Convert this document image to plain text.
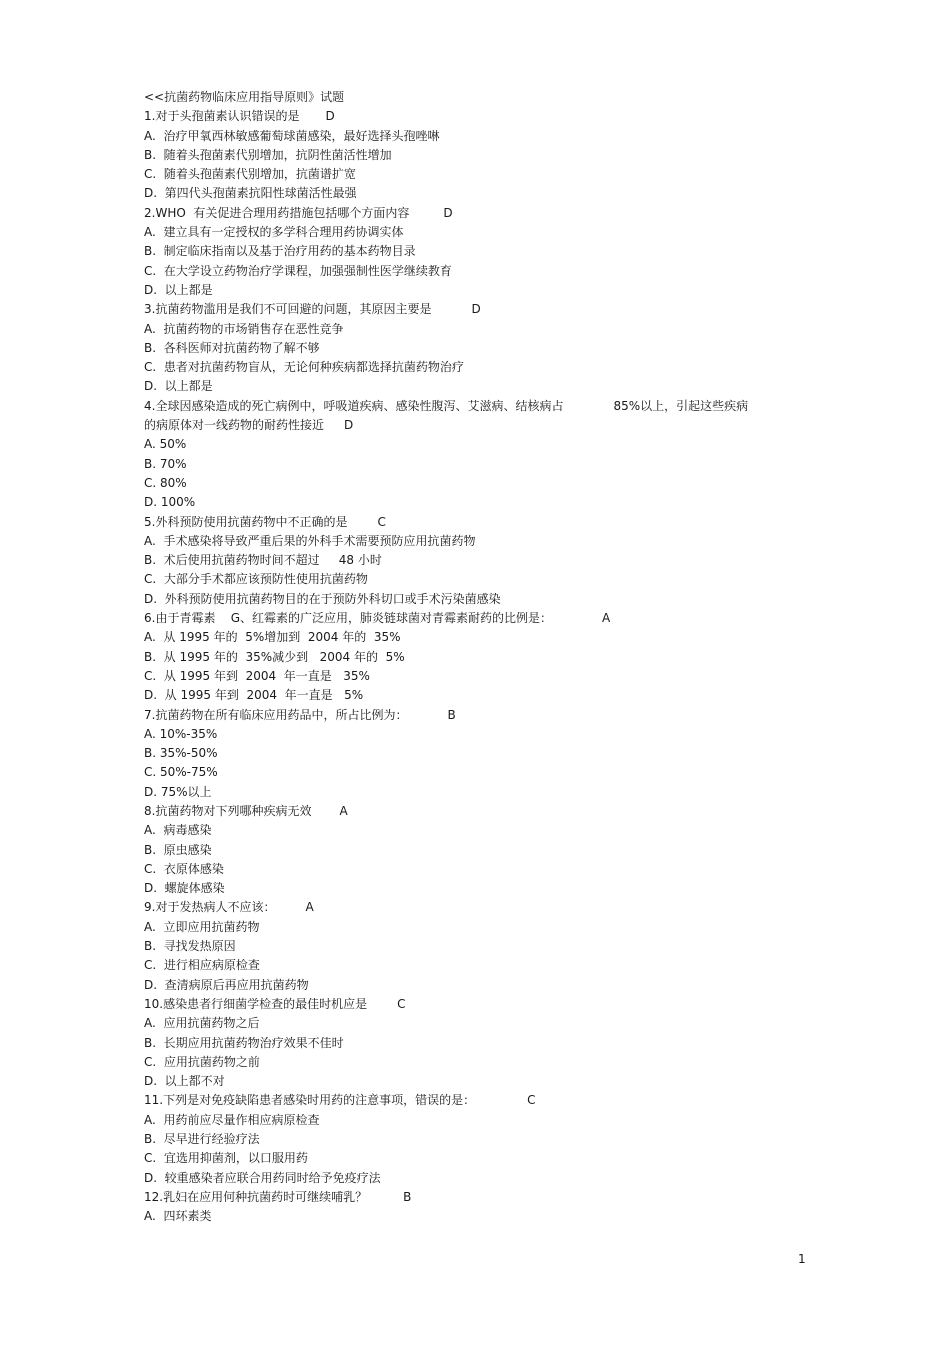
<<抗菌药物临床应用指导原则》试题
1.对于头孢菌素认识错误的是 D
A.  治疗甲氧西林敏感葡萄球菌感染，最好选择头孢唑啉
B.  随着头孢菌素代别增加，抗阴性菌活性增加
C.  随着头孢菌素代别增加，抗菌谱扩宽
D.  第四代头孢菌素抗阳性球菌活性最强
2.WHO  有关促进合理用药措施包括哪个方面内容	D
A.  建立具有一定授权的多学科合理用药协调实体
B.  制定临床指南以及基于治疗用药的基本药物目录
C.  在大学设立药物治疗学课程，加强强制性医学继续教育
D.  以上都是
3.抗菌药物滥用是我们不可回避的问题，其原因主要是	D
A.  抗菌药物的市场销售存在恶性竞争
B.  各科医师对抗菌药物了解不够
C.  患者对抗菌药物盲从，无论何种疾病都选择抗菌药物治疗
D.  以上都是
4.全球因感染造成的死亡病例中，呼吸道疾病、感染性腹泻、艾滋病、结核病占	85%以上，引起这些疾病
的病原体对一线药物的耐药性接近 D
A. 50%
B. 70%
C. 80%
D. 100%
5.外科预防使用抗菌药物中不正确的是	C
A.  手术感染将导致严重后果的外科手术需要预防应用抗菌药物
B.  术后使用抗菌药物时间不超过     48 小时
C.  大部分手术都应该预防性使用抗菌药物
D.  外科预防使用抗菌药物目的在于预防外科切口或手术污染菌感染
6.由于青霉素    G、红霉素的广泛应用，肺炎链球菌对青霉素耐药的比例是：	A
A.  从 1995 年的  5%增加到  2004 年的  35%
B.  从 1995 年的  35%减少到   2004 年的  5%
C.  从 1995 年到  2004  年一直是   35%
D.  从 1995 年到  2004  年一直是   5%
7.抗菌药物在所有临床应用药品中，所占比例为：	B
A. 10%-35%
B. 35%-50%
C. 50%-75%
D. 75%以上
8.抗菌药物对下列哪种疾病无效 A
A.  病毒感染
B.  原虫感染
C.  衣原体感染
D.  螺旋体感染
9.对于发热病人不应该：	A
A.  立即应用抗菌药物
B.  寻找发热原因
C.  进行相应病原检查
D.  查清病原后再应用抗菌药物
10.感染患者行细菌学检查的最佳时机应是	C
A.  应用抗菌药物之后
B.  长期应用抗菌药物治疗效果不佳时
C.  应用抗菌药物之前
D.  以上都不对
11.下列是对免疫缺陷患者感染时用药的注意事项，错误的是：	C
A.  用药前应尽量作相应病原检查
B.  尽早进行经验疗法
C.  宜选用抑菌剂，以口服用药
D.  较重感染者应联合用药同时给予免疫疗法
12.乳妇在应用何种抗菌药时可继续哺乳？	B
A.  四环素类
1
